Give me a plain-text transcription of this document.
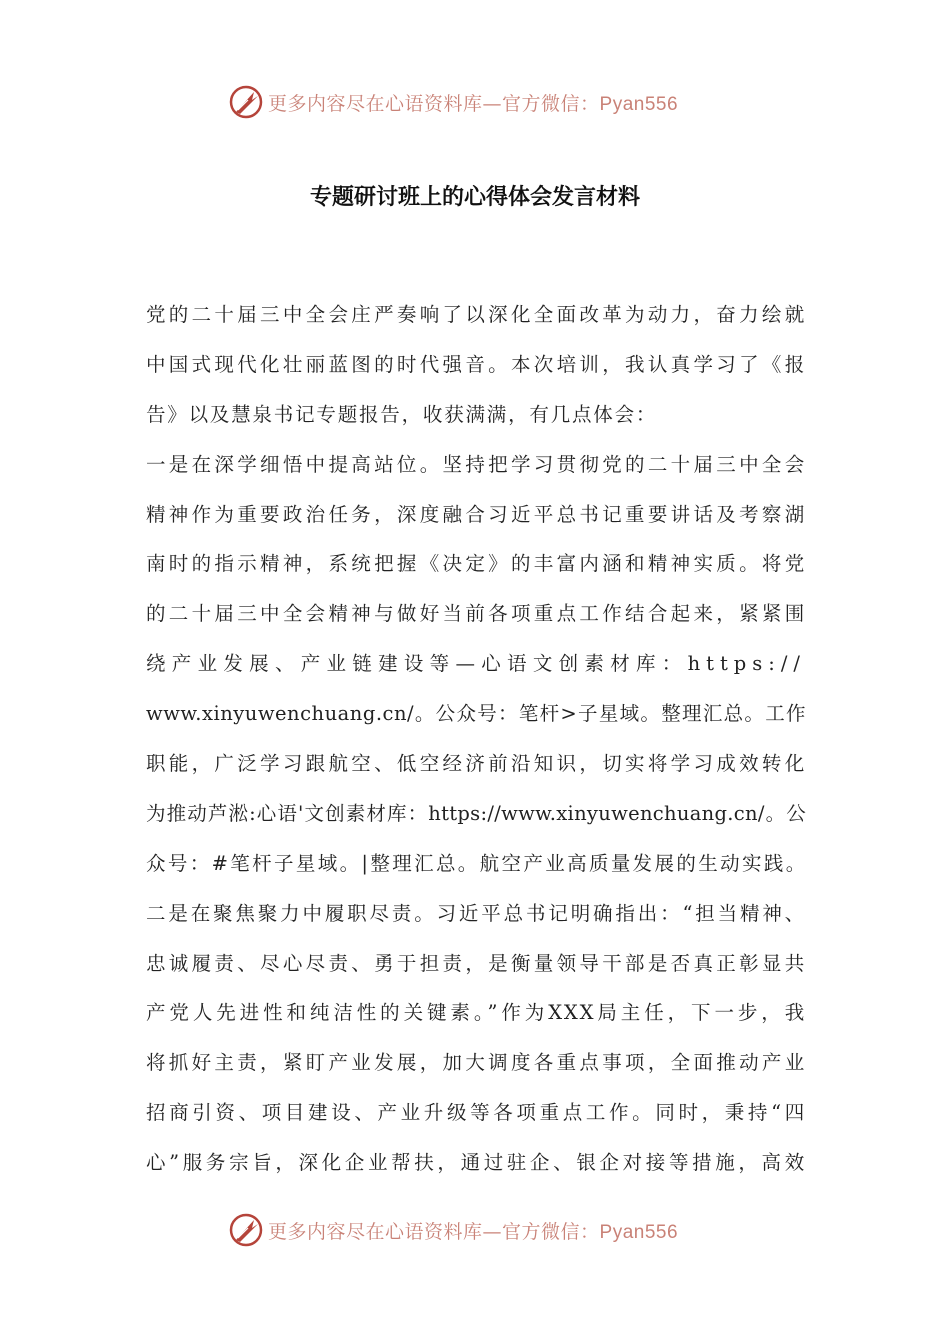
更多内容尽在心语资料库—官方微信：Pyan556
专题研讨班上的心得体会发言材料
党的二十届三中全会庄严奏响了以深化全面改革为动力，奋力绘就
中国式现代化壮丽蓝图的时代强音。本次培训，我认真学习了《报
告》以及慧泉书记专题报告，收获满满，有几点体会：
一是在深学细悟中提高站位。坚持把学习贯彻党的二十届三中全会
精神作为重要政治任务，深度融合习近平总书记重要讲话及考察湖
南时的指示精神，系统把握《决定》的丰富内涵和精神实质。将党
的二十届三中全会精神与做好当前各项重点工作结合起来，紧紧围
绕产业发展、产业链建设等—心语文创素材库：https://
www.xinyuwenchuang.cn/。公众号：笔杆>子星域。整理汇总。工作
职能，广泛学习跟航空、低空经济前沿知识，切实将学习成效转化
为推动芦淞:心语'文创素材库：https://www.xinyuwenchuang.cn/。公
众号：#笔杆子星域。|整理汇总。航空产业高质量发展的生动实践。
二是在聚焦聚力中履职尽责。习近平总书记明确指出：“担当精神、
忠诚履责、尽心尽责、勇于担责，是衡量领导干部是否真正彰显共
产党人先进性和纯洁性的关键素。”作为XXX局主任，下一步，我
将抓好主责，紧盯产业发展，加大调度各重点事项，全面推动产业
招商引资、项目建设、产业升级等各项重点工作。同时，秉持“四
心”服务宗旨，深化企业帮扶，通过驻企、银企对接等措施，高效
更多内容尽在心语资料库—官方微信：Pyan556
